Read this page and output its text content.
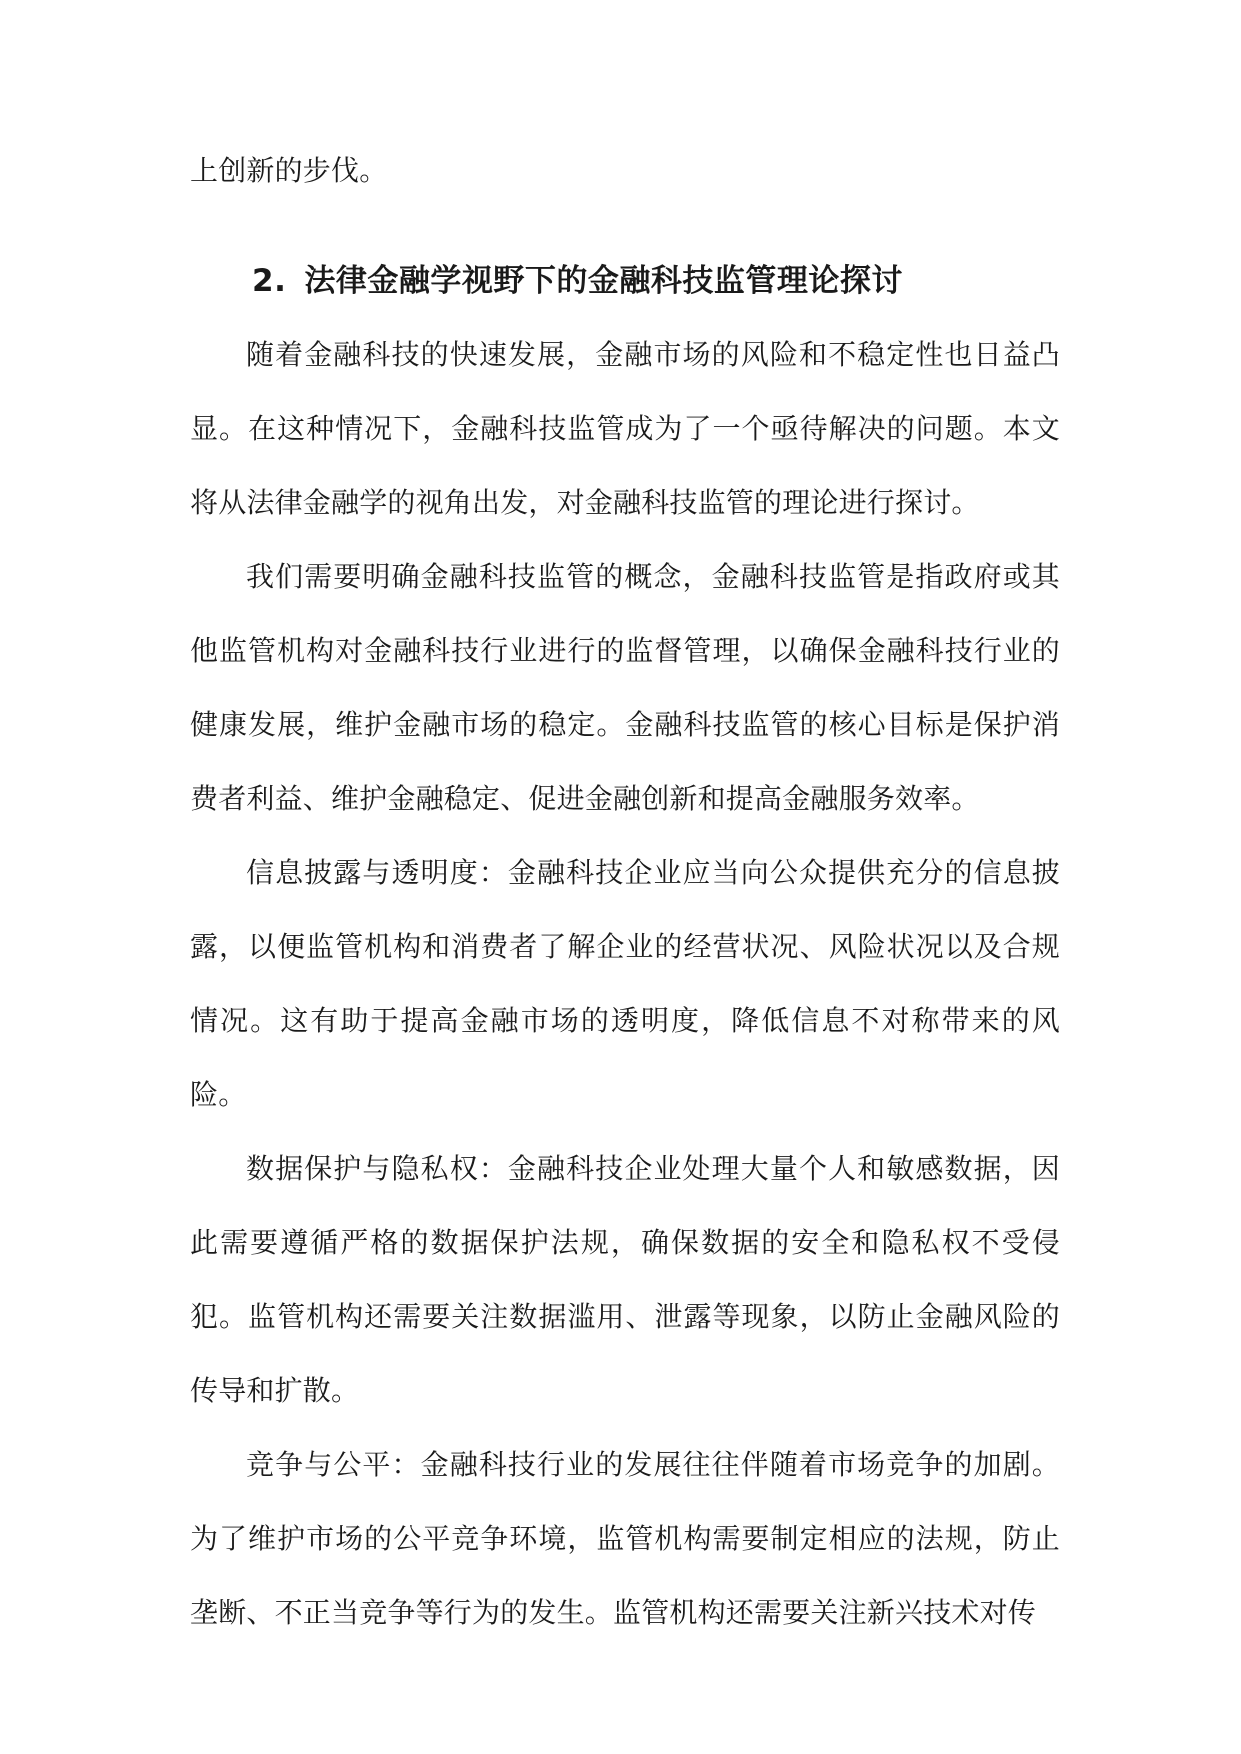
上创新的步伐。

2. 法律金融学视野下的金融科技监管理论探讨

随着金融科技的快速发展，金融市场的风险和不稳定性也日益凸显。在这种情况下，金融科技监管成为了一个亟待解决的问题。本文将从法律金融学的视角出发，对金融科技监管的理论进行探讨。

我们需要明确金融科技监管的概念，金融科技监管是指政府或其他监管机构对金融科技行业进行的监督管理，以确保金融科技行业的健康发展，维护金融市场的稳定。金融科技监管的核心目标是保护消费者利益、维护金融稳定、促进金融创新和提高金融服务效率。

信息披露与透明度：金融科技企业应当向公众提供充分的信息披露，以便监管机构和消费者了解企业的经营状况、风险状况以及合规情况。这有助于提高金融市场的透明度，降低信息不对称带来的风险。

数据保护与隐私权：金融科技企业处理大量个人和敏感数据，因此需要遵循严格的数据保护法规，确保数据的安全和隐私权不受侵犯。监管机构还需要关注数据滥用、泄露等现象，以防止金融风险的传导和扩散。

竞争与公平：金融科技行业的发展往往伴随着市场竞争的加剧。为了维护市场的公平竞争环境，监管机构需要制定相应的法规，防止垄断、不正当竞争等行为的发生。监管机构还需要关注新兴技术对传
